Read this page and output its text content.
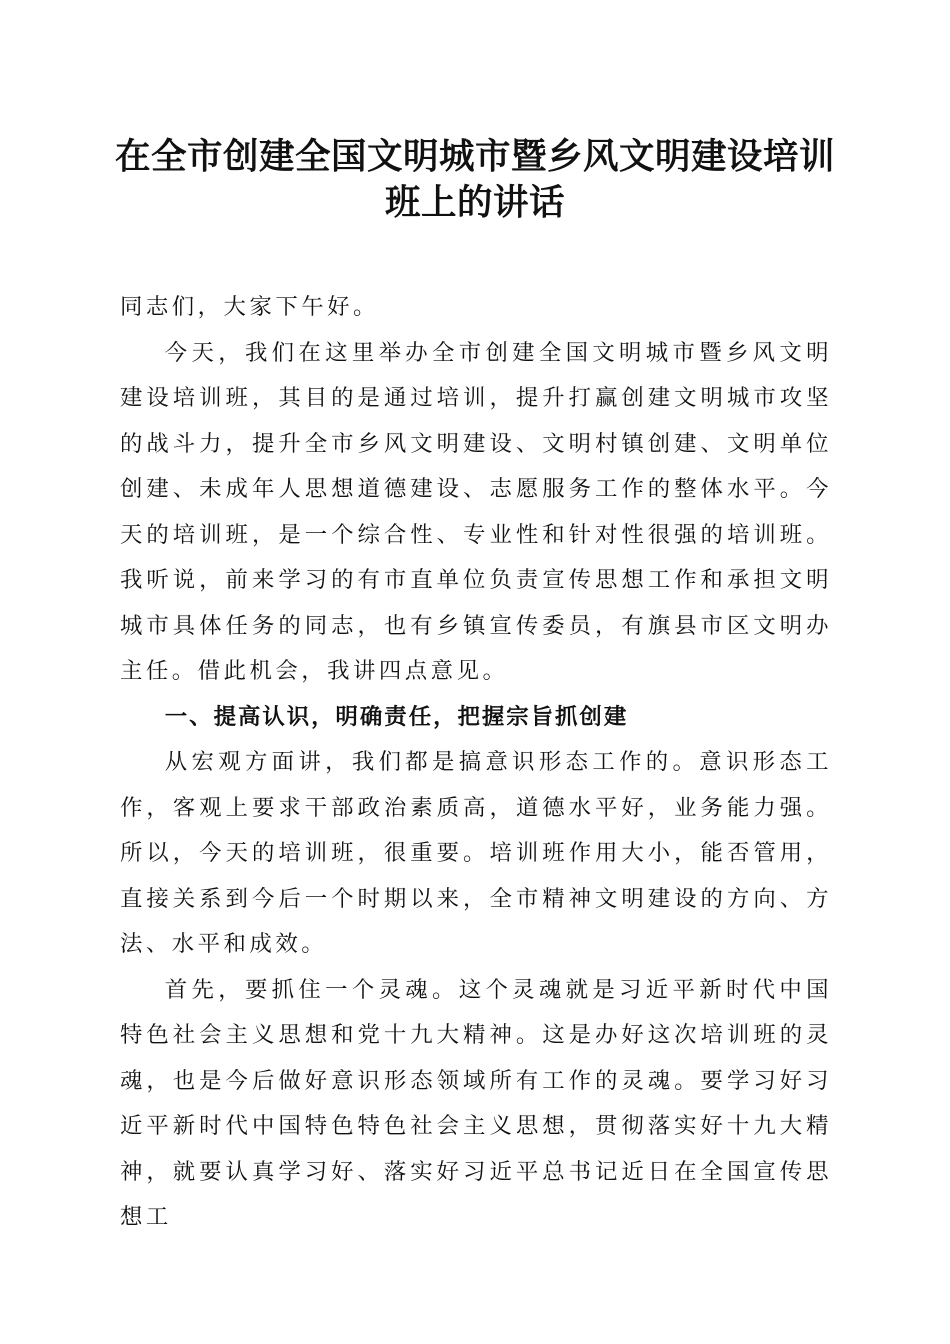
在全市创建全国文明城市暨乡风文明建设培训
班上的讲话

同志们，大家下午好。

今天，我们在这里举办全市创建全国文明城市暨乡风文明建设培训班，其目的是通过培训，提升打赢创建文明城市攻坚的战斗力，提升全市乡风文明建设、文明村镇创建、文明单位创建、未成年人思想道德建设、志愿服务工作的整体水平。今天的培训班，是一个综合性、专业性和针对性很强的培训班。我听说，前来学习的有市直单位负责宣传思想工作和承担文明城市具体任务的同志，也有乡镇宣传委员，有旗县市区文明办主任。借此机会，我讲四点意见。

一、提高认识，明确责任，把握宗旨抓创建

从宏观方面讲，我们都是搞意识形态工作的。意识形态工作，客观上要求干部政治素质高，道德水平好，业务能力强。所以，今天的培训班，很重要。培训班作用大小，能否管用，直接关系到今后一个时期以来，全市精神文明建设的方向、方法、水平和成效。

首先，要抓住一个灵魂。这个灵魂就是习近平新时代中国特色社会主义思想和党十九大精神。这是办好这次培训班的灵魂，也是今后做好意识形态领域所有工作的灵魂。要学习好习近平新时代中国特色特色社会主义思想，贯彻落实好十九大精神，就要认真学习好、落实好习近平总书记近日在全国宣传思想工
